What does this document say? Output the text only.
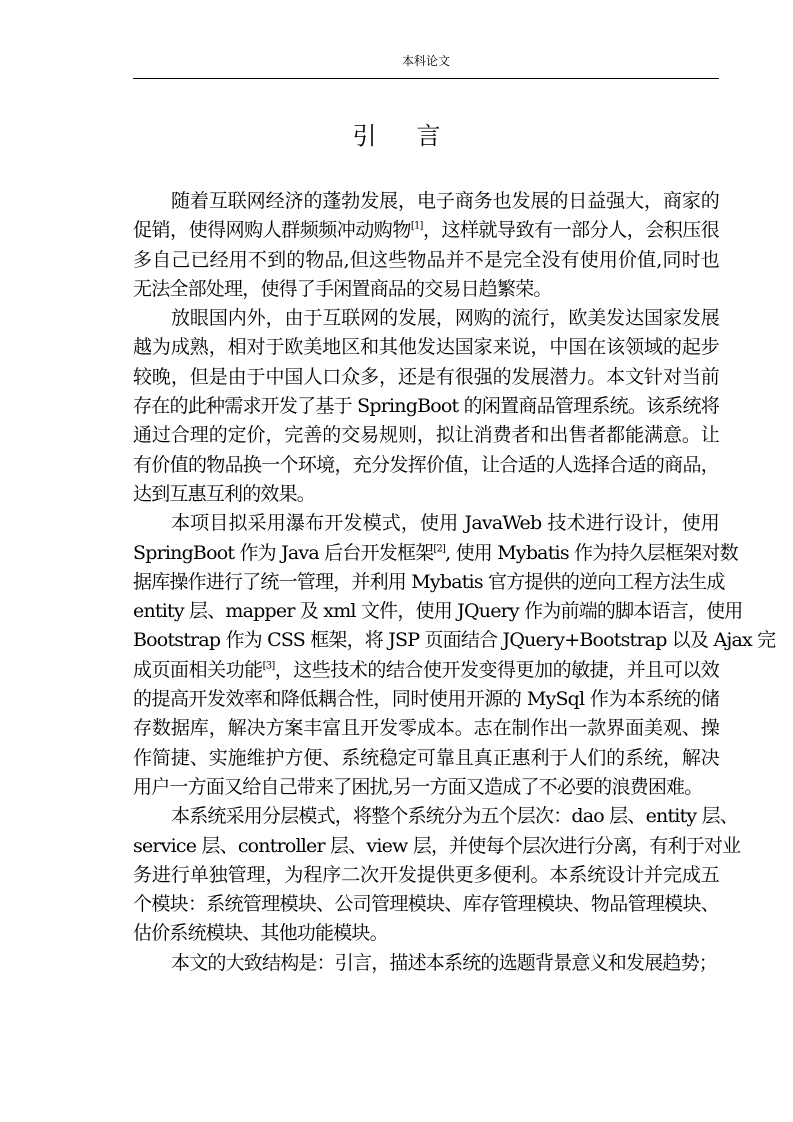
本科论文
引言
随着互联网经济的蓬勃发展，电子商务也发展的日益强大，商家的
促销，使得网购人群频频冲动购物[1]，这样就导致有一部分人，会积压很
多自己已经用不到的物品,但这些物品并不是完全没有使用价值,同时也
无法全部处理，使得了手闲置商品的交易日趋繁荣。
放眼国内外，由于互联网的发展，网购的流行，欧美发达国家发展
越为成熟，相对于欧美地区和其他发达国家来说，中国在该领域的起步
较晚，但是由于中国人口众多，还是有很强的发展潜力。本文针对当前
存在的此种需求开发了基于 SpringBoot 的闲置商品管理系统。该系统将
通过合理的定价，完善的交易规则，拟让消费者和出售者都能满意。让
有价值的物品换一个环境，充分发挥价值，让合适的人选择合适的商品，
达到互惠互利的效果。
本项目拟采用瀑布开发模式，使用 JavaWeb 技术进行设计，使用
SpringBoot 作为 Java 后台开发框架[2], 使用 Mybatis 作为持久层框架对数
据库操作进行了统一管理，并利用 Mybatis 官方提供的逆向工程方法生成
entity 层、mapper 及 xml 文件，使用 JQuery 作为前端的脚本语言，使用
Bootstrap 作为 CSS 框架，将 JSP 页面结合 JQuery+Bootstrap 以及 Ajax 完
成页面相关功能[3]，这些技术的结合使开发变得更加的敏捷，并且可以效
的提高开发效率和降低耦合性，同时使用开源的 MySql 作为本系统的储
存数据库，解决方案丰富且开发零成本。志在制作出一款界面美观、操
作简捷、实施维护方便、系统稳定可靠且真正惠利于人们的系统，解决
用户一方面又给自己带来了困扰,另一方面又造成了不必要的浪费困难。
本系统采用分层模式，将整个系统分为五个层次：dao 层、entity 层、
service 层、controller 层、view 层，并使每个层次进行分离，有利于对业
务进行单独管理，为程序二次开发提供更多便利。本系统设计并完成五
个模块：系统管理模块、公司管理模块、库存管理模块、物品管理模块、
估价系统模块、其他功能模块。
本文的大致结构是：引言，描述本系统的选题背景意义和发展趋势；
